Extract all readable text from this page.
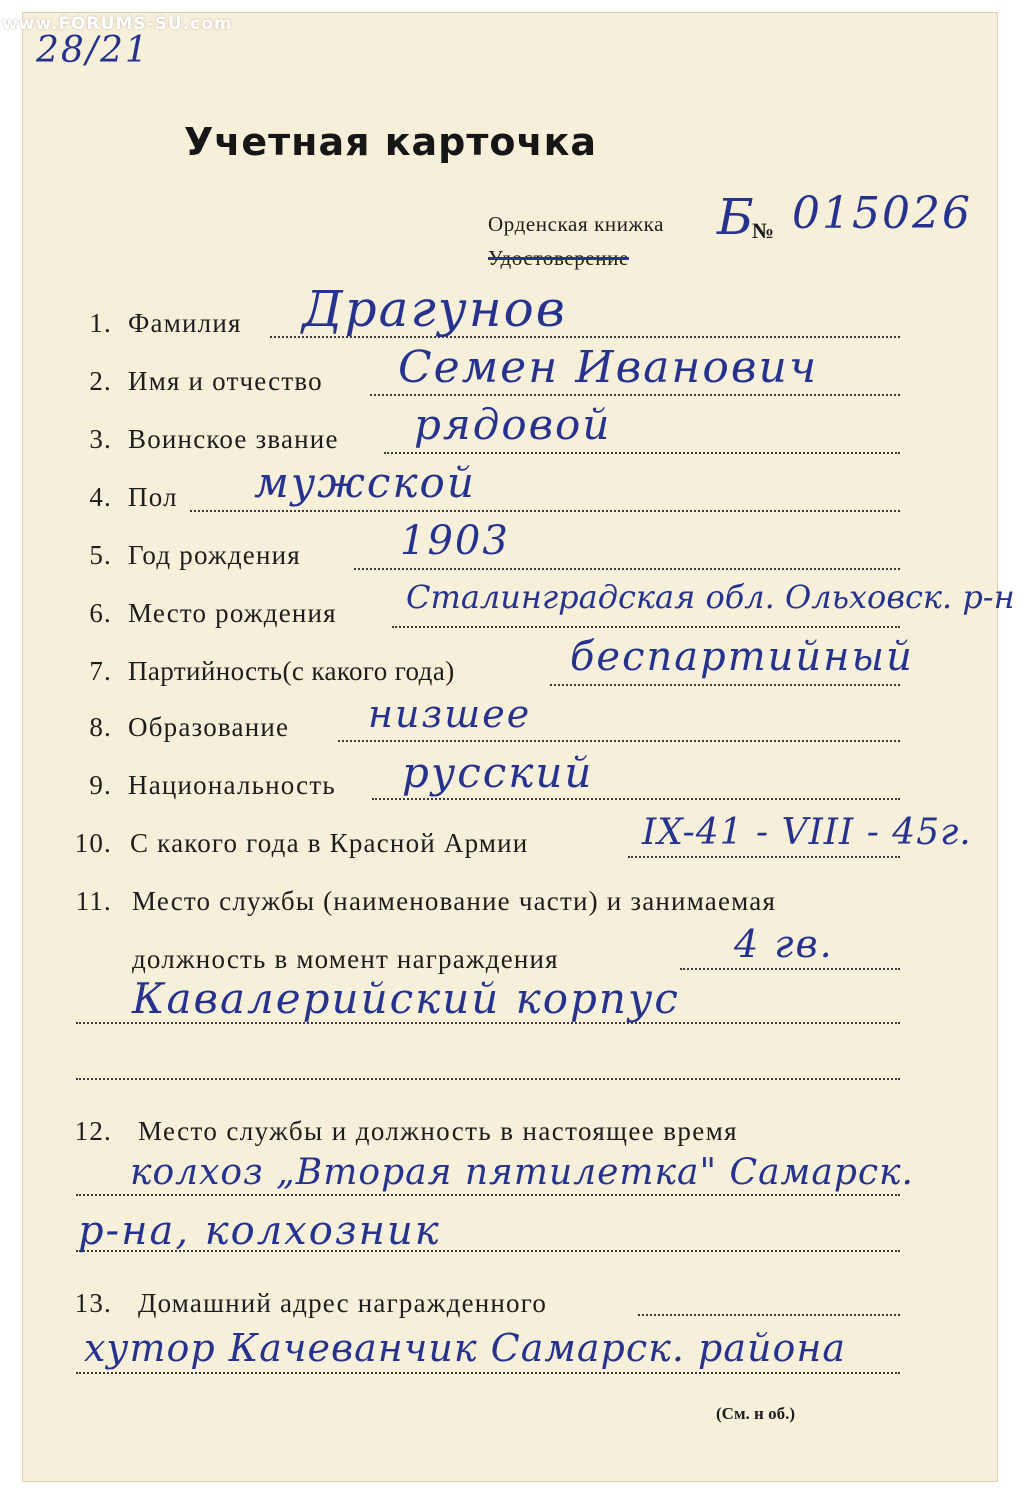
www.FORUMS-SU.com
28/21
Учетная карточка
Орденская книжка
Удостоверение
Б
№ 015026
1. Фамилия Драгунов
2. Имя и отчество Семен Иванович
3. Воинское звание рядовой
4. Пол мужской
5. Год рождения 1903
6. Место рождения Сталинградская обл. Ольховск. р-н
7. Партийность(с какого года)	беспартийный
8. Образование низшее
9. Национальность русский
10. С какого года в Красной Армии	IX-41 - VIII - 45г.
11. Место службы (наименование части) и занимаемая
должность в момент награждения	4 гв.
Кавалерийский корпус
12. Место службы и должность в настоящее время
колхоз „Вторая пятилетка" Самарск.
р-на, колхозник
13. Домашний адрес награжденного
хутор Качеванчик Самарск. района
(См. н об.)
